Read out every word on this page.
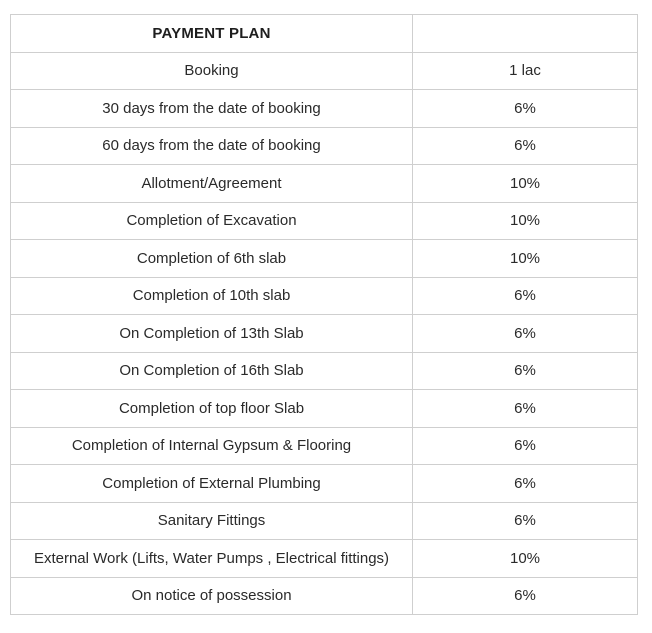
PAYMENT PLAN	
Booking	1 lac
30 days from the date of booking	6%
60 days from the date of booking	6%
Allotment/Agreement	10%
Completion of Excavation	10%
Completion of 6th slab	10%
Completion of 10th slab	6%
On Completion of 13th Slab	6%
On Completion of 16th Slab	6%
Completion of top floor Slab	6%
Completion of Internal Gypsum & Flooring	6%
Completion of External Plumbing	6%
Sanitary Fittings	6%
External Work (Lifts, Water Pumps , Electrical fittings)	10%
On notice of possession	6%
